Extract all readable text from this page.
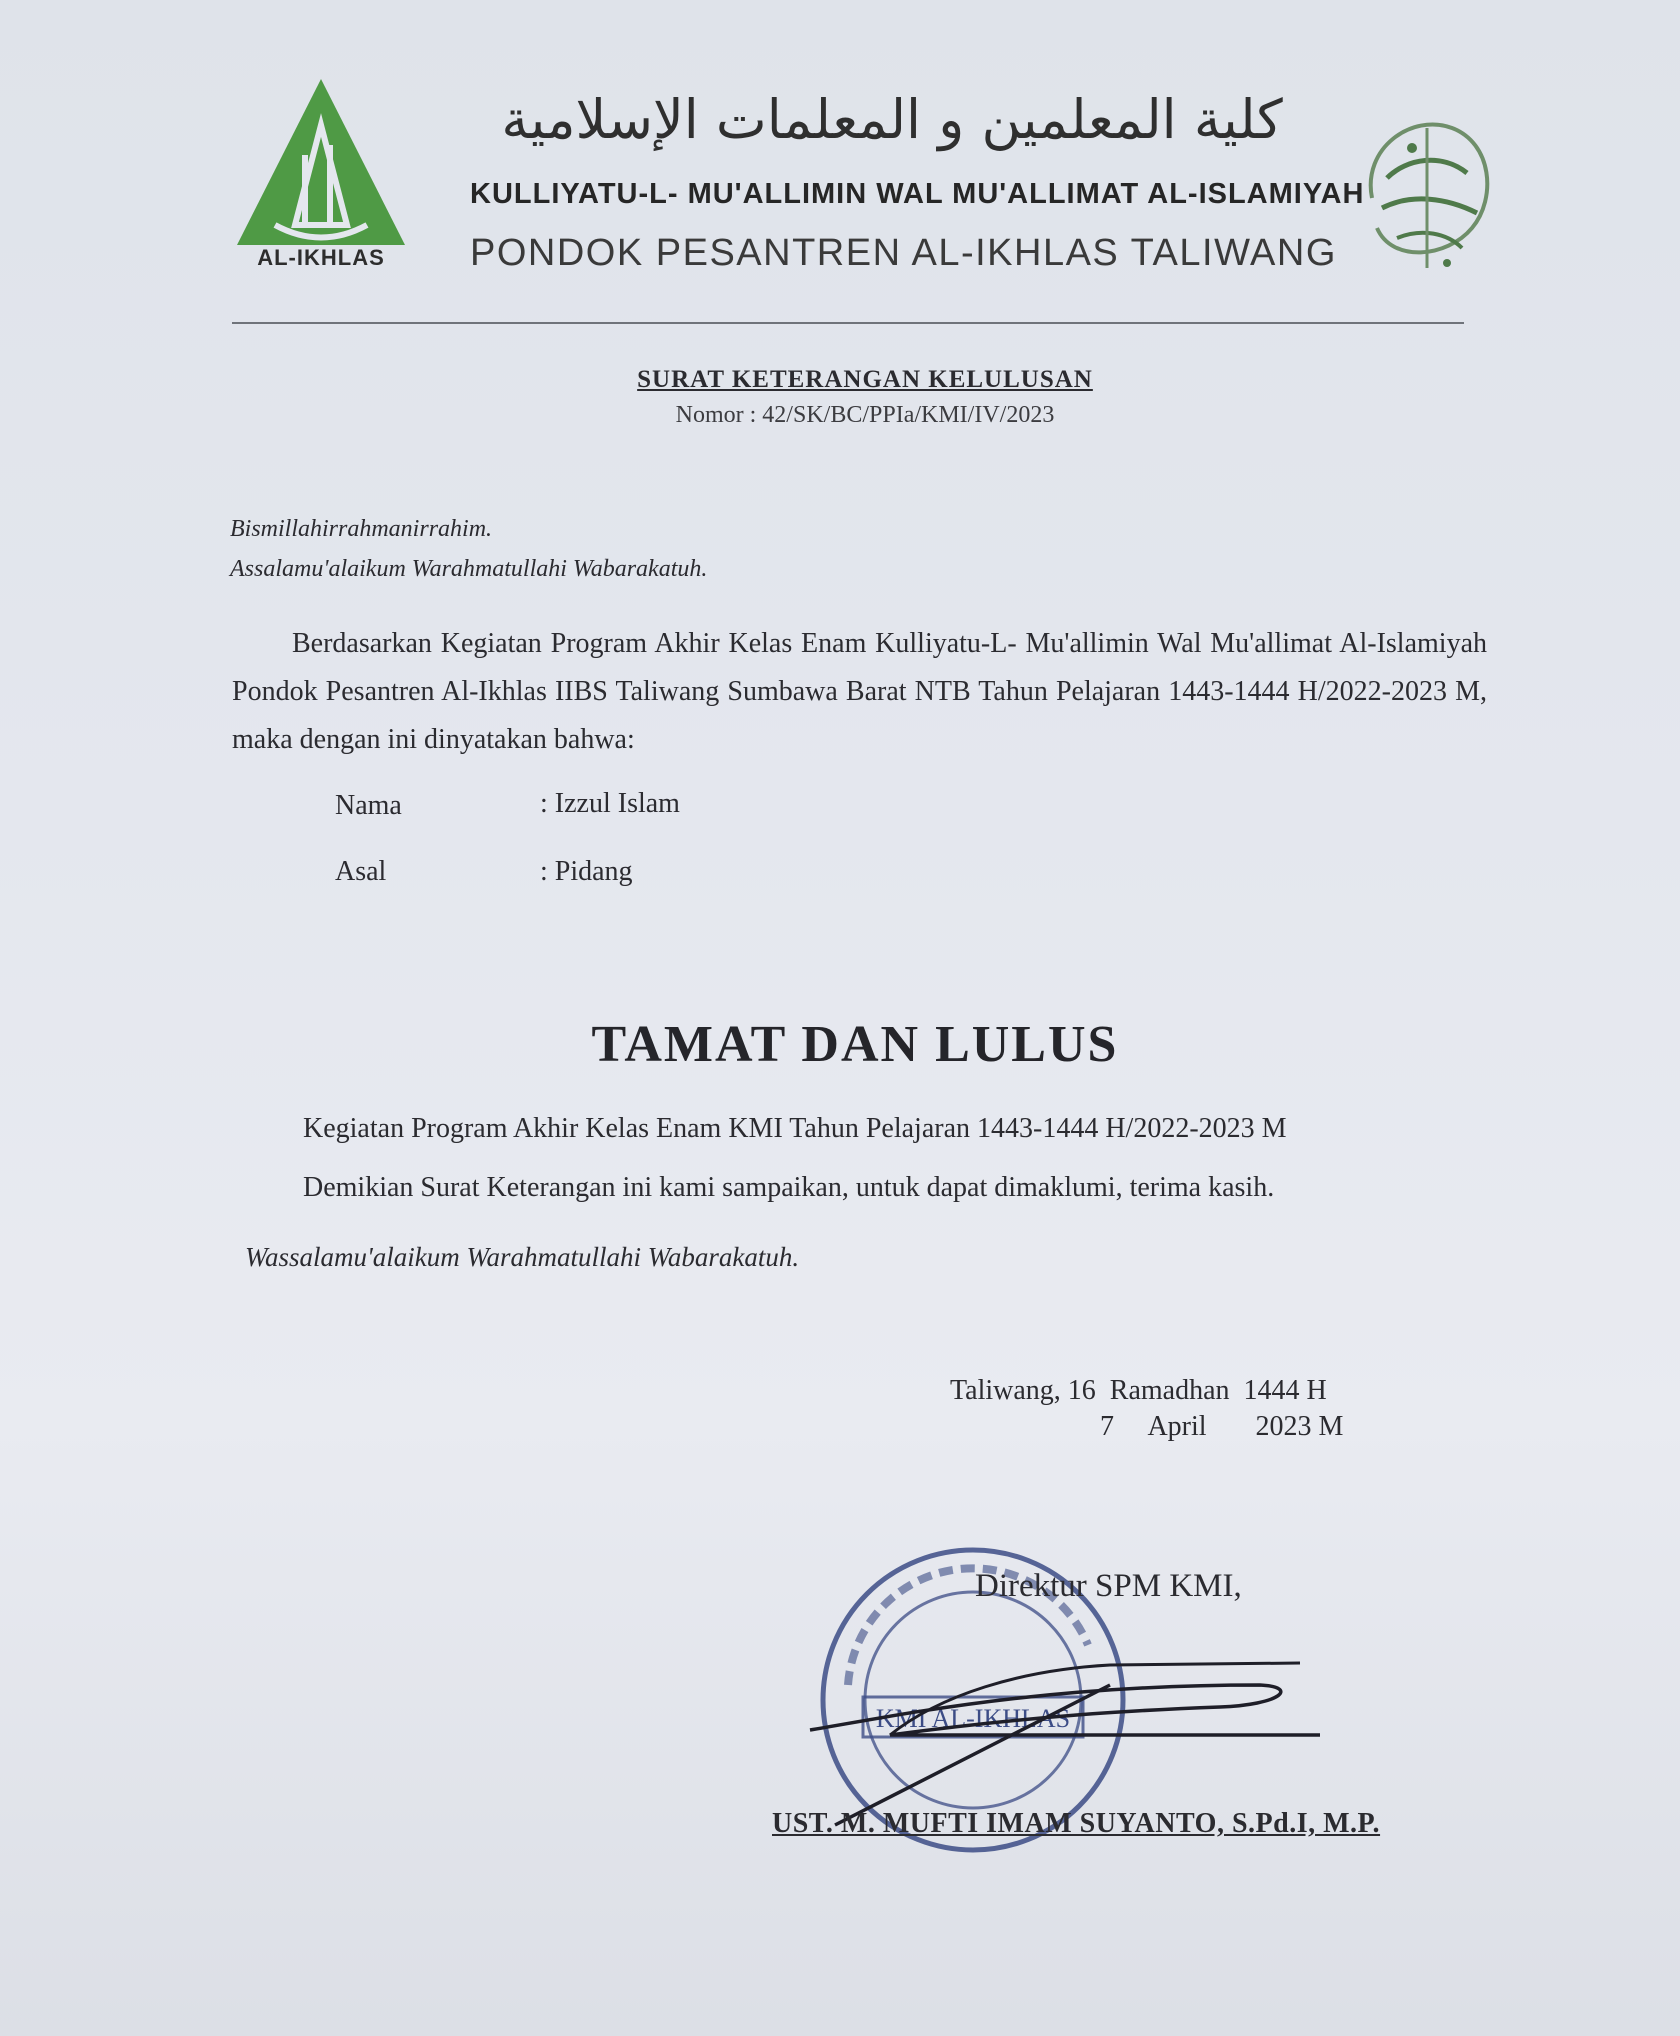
AL-IKHLAS
كلية المعلمين و المعلمات الإسلامية
KULLIYATU-L- MU'ALLIMIN WAL MU'ALLIMAT AL-ISLAMIYAH
PONDOK PESANTREN AL-IKHLAS TALIWANG
SURAT KETERANGAN KELULUSAN
Nomor : 42/SK/BC/PPIa/KMI/IV/2023
Bismillahirrahmanirrahim.
Assalamu'alaikum Warahmatullahi Wabarakatuh.
Berdasarkan Kegiatan Program Akhir Kelas Enam Kulliyatu-L- Mu'allimin Wal Mu'allimat Al-Islamiyah Pondok Pesantren Al-Ikhlas IIBS Taliwang Sumbawa Barat NTB Tahun Pelajaran 1443-1444 H/2022-2023 M, maka dengan ini dinyatakan bahwa:
Nama	: Izzul Islam
Asal	: Pidang
TAMAT DAN LULUS
Kegiatan Program Akhir Kelas Enam KMI Tahun Pelajaran 1443-1444 H/2022-2023 M
Demikian Surat Keterangan ini kami sampaikan, untuk dapat dimaklumi, terima kasih.
Wassalamu'alaikum Warahmatullahi Wabarakatuh.
Taliwang, 16  Ramadhan  1444 H
7     April       2023 M
KMI AL-IKHLAS
Direktur SPM KMI,
UST. M. MUFTI IMAM SUYANTO, S.Pd.I, M.P.
